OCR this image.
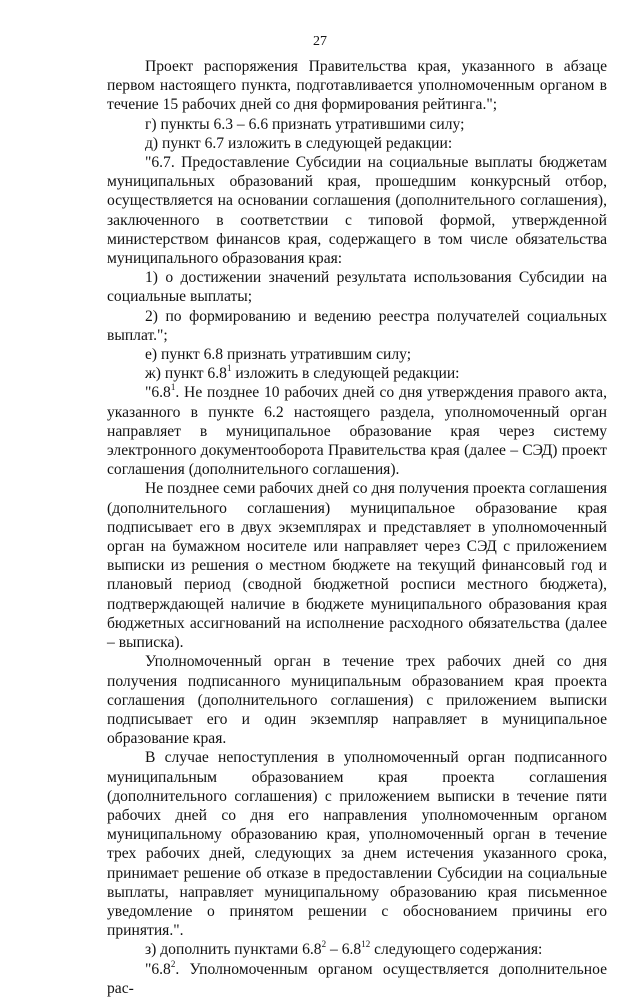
27

Проект распоряжения Правительства края, указанного в абзаце первом настоящего пункта, подготавливается уполномоченным органом в течение 15 рабочих дней со дня формирования рейтинга.";

г) пункты 6.3 – 6.6 признать утратившими силу;

д) пункт 6.7 изложить в следующей редакции:

"6.7. Предоставление Субсидии на социальные выплаты бюджетам муниципальных образований края, прошедшим конкурсный отбор, осуществляется на основании соглашения (дополнительного соглашения), заключенного в соответствии с типовой формой, утвержденной министерством финансов края, содержащего в том числе обязательства муниципального образования края:

1) о достижении значений результата использования Субсидии на социальные выплаты;

2) по формированию и ведению реестра получателей социальных выплат.";

е) пункт 6.8 признать утратившим силу;

ж) пункт $6.8^1$ изложить в следующей редакции:

"$6.8^1$. Не позднее 10 рабочих дней со дня утверждения правого акта, указанного в пункте 6.2 настоящего раздела, уполномоченный орган направляет в муниципальное образование края через систему электронного документооборота Правительства края (далее – СЭД) проект соглашения (дополнительного соглашения).

Не позднее семи рабочих дней со дня получения проекта соглашения (дополнительного соглашения) муниципальное образование края подписывает его в двух экземплярах и представляет в уполномоченный орган на бумажном носителе или направляет через СЭД с приложением выписки из решения о местном бюджете на текущий финансовый год и плановый период (сводной бюджетной росписи местного бюджета), подтверждающей наличие в бюджете муниципального образования края бюджетных ассигнований на исполнение расходного обязательства (далее – выписка).

Уполномоченный орган в течение трех рабочих дней со дня получения подписанного муниципальным образованием края проекта соглашения (дополнительного соглашения) с приложением выписки подписывает его и один экземпляр направляет в муниципальное образование края.

В случае непоступления в уполномоченный орган подписанного муниципальным образованием края проекта соглашения (дополнительного соглашения) с приложением выписки в течение пяти рабочих дней со дня его направления уполномоченным органом муниципальному образованию края, уполномоченный орган в течение трех рабочих дней, следующих за днем истечения указанного срока, принимает решение об отказе в предоставлении Субсидии на социальные выплаты, направляет муниципальному образованию края письменное уведомление о принятом решении с обоснованием причины его принятия.".

з) дополнить пунктами $6.8^2 - 6.8^{12}$ следующего содержания:

"$6.8^2$. Уполномоченным органом осуществляется дополнительное рас-
